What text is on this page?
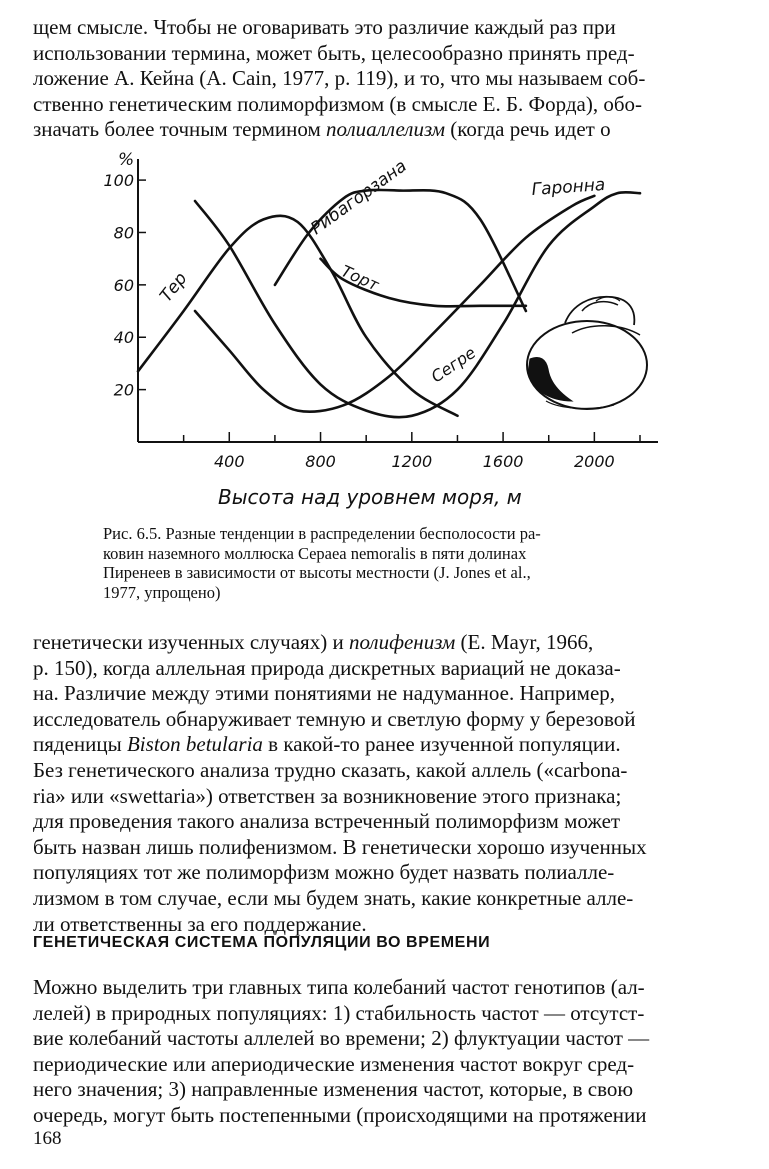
щем смысле. Чтобы не оговаривать это различие каждый раз при
использовании термина, может быть, целесообразно принять пред-
ложение А. Кейна (A. Cain, 1977, p. 119), и то, что мы называем соб-
ственно генетическим полиморфизмом (в смысле Е. Б. Форда), обо-
значать более точным термином полиаллелизм (когда речь идет о
%
20
40
60
80
100
400	800	1200	1600	2000
Высота над уровнем моря, м
Тер
Рибагорзана	Гаронна
Торт
Сегре
Рис. 6.5. Разные тенденции в распределении бесполосости ра-
ковин наземного моллюска Cepaea nemoralis в пяти долинах
Пиренеев в зависимости от высоты местности (J. Jones et al.,
1977, упрощено)
генетически изученных случаях) и полифенизм (E. Mayr, 1966,
p. 150), когда аллельная природа дискретных вариаций не доказа-
на. Различие между этими понятиями не надуманное. Например,
исследователь обнаруживает темную и светлую форму у березовой
пяденицы Biston betularia в какой-то ранее изученной популяции.
Без генетического анализа трудно сказать, какой аллель («carbona-
ria» или «swettaria») ответствен за возникновение этого признака;
для проведения такого анализа встреченный полиморфизм может
быть назван лишь полифенизмом. В генетически хорошо изученных
популяциях тот же полиморфизм можно будет назвать полиалле-
лизмом в том случае, если мы будем знать, какие конкретные алле-
ли ответственны за его поддержание.
ГЕНЕТИЧЕСКАЯ СИСТЕМА ПОПУЛЯЦИИ ВО ВРЕМЕНИ
Можно выделить три главных типа колебаний частот генотипов (ал-
лелей) в природных популяциях: 1) стабильность частот — отсутст-
вие колебаний частоты аллелей во времени; 2) флуктуации частот —
периодические или апериодические изменения частот вокруг сред-
него значения; 3) направленные изменения частот, которые, в свою
очередь, могут быть постепенными (происходящими на протяжении
168
